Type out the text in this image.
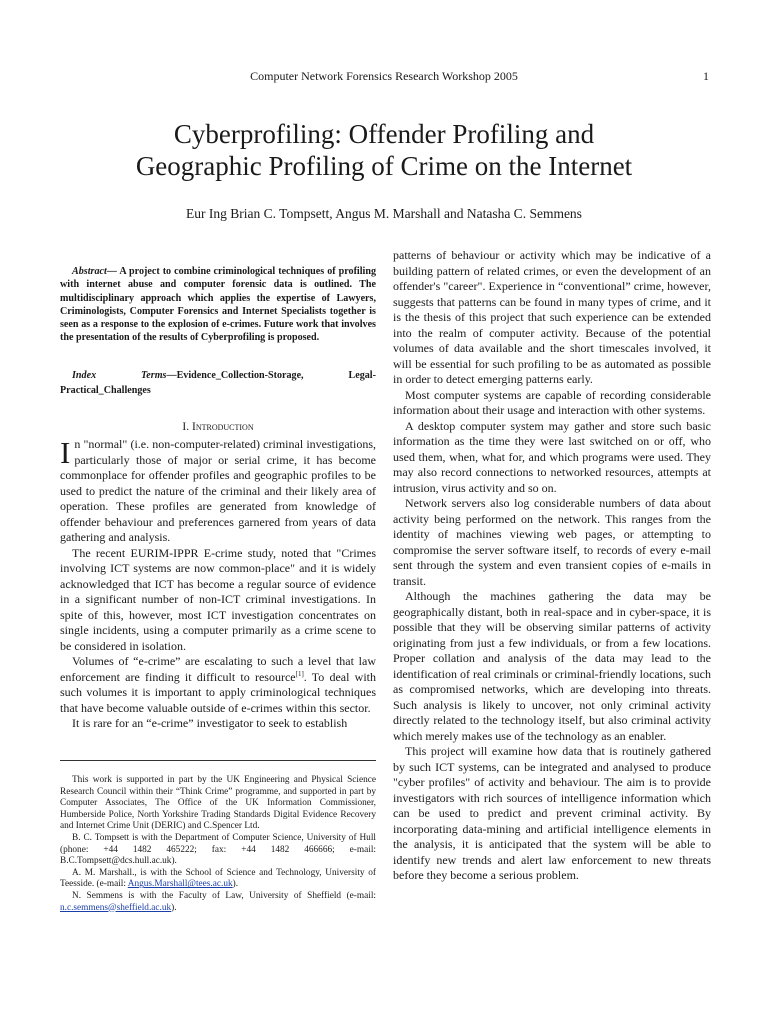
Computer Network Forensics Research Workshop 2005	1
Cyberprofiling: Offender Profiling and
Geographic Profiling of Crime on the Internet
Eur Ing Brian C. Tompsett, Angus M. Marshall and Natasha C. Semmens
Abstract— A project to combine criminological techniques of profiling with internet abuse and computer forensic data is outlined. The multidisciplinary approach which applies the expertise of Lawyers, Criminologists, Computer Forensics and Internet Specialists together is seen as a response to the explosion of e-crimes. Future work that involves the presentation of the results of Cyberprofiling is proposed.
Index Terms—Evidence_Collection-Storage, Legal-Practical_Challenges
I. Introduction

In "normal" (i.e. non-computer-related) criminal investigations, particularly those of major or serial crime, it has become commonplace for offender profiles and geographic profiles to be used to predict the nature of the criminal and their likely area of operation. These profiles are generated from knowledge of offender behaviour and preferences garnered from years of data gathering and analysis.

The recent EURIM-IPPR E-crime study, noted that "Crimes involving ICT systems are now common-place" and it is widely acknowledged that ICT has become a regular source of evidence in a significant number of non-ICT criminal investigations. In spite of this, however, most ICT investigation concentrates on single incidents, using a computer primarily as a crime scene to be considered in isolation.

Volumes of “e-crime” are escalating to such a level that law enforcement are finding it difficult to resource[1]. To deal with such volumes it is important to apply criminological techniques that have become valuable outside of e-crimes within this sector.

It is rare for an “e-crime” investigator to seek to establish

This work is supported in part by the UK Engineering and Physical Science Research Council within their “Think Crime” programme, and supported in part by Computer Associates, The Office of the UK Information Commissioner, Humberside Police, North Yorkshire Trading Standards Digital Evidence Recovery and Internet Crime Unit (DERIC) and C.Spencer Ltd.

B. C. Tompsett is with the Department of Computer Science, University of Hull (phone: +44 1482 465222; fax: +44 1482 466666; e-mail: B.C.Tompsett@dcs.hull.ac.uk).

A. M. Marshall., is with the School of Science and Technology, University of Teesside. (e-mail: Angus.Marshall@tees.ac.uk).

N. Semmens is with the Faculty of Law, University of Sheffield (e-mail: n.c.semmens@sheffield.ac.uk).

patterns of behaviour or activity which may be indicative of a building pattern of related crimes, or even the development of an offender's "career". Experience in “conventional” crime, however, suggests that patterns can be found in many types of crime, and it is the thesis of this project that such experience can be extended into the realm of computer activity. Because of the potential volumes of data available and the short timescales involved, it will be essential for such profiling to be as automated as possible in order to detect emerging patterns early.

Most computer systems are capable of recording considerable information about their usage and interaction with other systems.

A desktop computer system may gather and store such basic information as the time they were last switched on or off, who used them, when, what for, and which programs were used. They may also record connections to networked resources, attempts at intrusion, virus activity and so on.

Network servers also log considerable numbers of data about activity being performed on the network. This ranges from the identity of machines viewing web pages, or attempting to compromise the server software itself, to records of every e-mail sent through the system and even transient copies of e-mails in transit.

Although the machines gathering the data may be geographically distant, both in real-space and in cyber-space, it is possible that they will be observing similar patterns of activity originating from just a few individuals, or from a few locations. Proper collation and analysis of the data may lead to the identification of real criminals or criminal-friendly locations, such as compromised networks, which are developing into threats. Such analysis is likely to uncover, not only criminal activity directly related to the technology itself, but also criminal activity which merely makes use of the technology as an enabler.

This project will examine how data that is routinely gathered by such ICT systems, can be integrated and analysed to produce "cyber profiles" of activity and behaviour. The aim is to provide investigators with rich sources of intelligence information which can be used to predict and prevent criminal activity. By incorporating data-mining and artificial intelligence elements in the analysis, it is anticipated that the system will be able to identify new trends and alert law enforcement to new threats before they become a serious problem.
